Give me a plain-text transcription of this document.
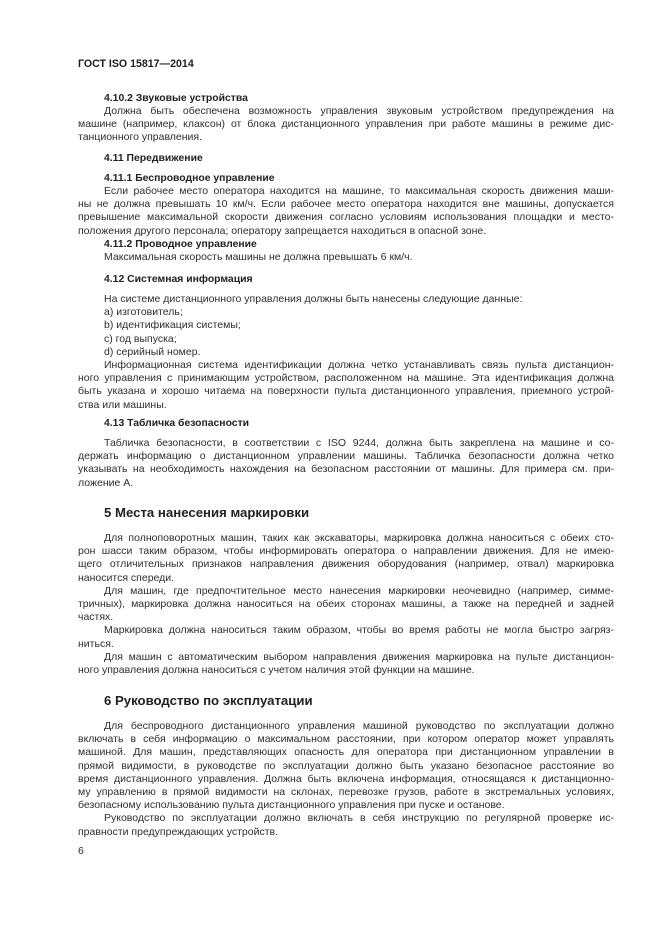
ГОСТ ISO 15817—2014
4.10.2 Звуковые устройства
Должна быть обеспечена возможность управления звуковым устройством предупреждения на
машине (например, клаксон) от блока дистанционного управления при работе машины в режиме дис-
танционного управления.
4.11 Передвижение
4.11.1 Беспроводное управление
Если рабочее место оператора находится на машине, то максимальная скорость движения маши-
ны не должна превышать 10 км/ч. Если рабочее место оператора находится вне машины, допускается
превышение максимальной скорости движения согласно условиям использования площадки и место-
положения другого персонала; оператору запрещается находиться в опасной зоне.
4.11.2 Проводное управление
Максимальная скорость машины не должна превышать 6 км/ч.
4.12 Системная информация
На системе дистанционного управления должны быть нанесены следующие данные:
a) изготовитель;
b) идентификация системы;
c) год выпуска;
d) серийный номер.
Информационная система идентификации должна четко устанавливать связь пульта дистанцион-
ного управления с принимающим устройством, расположенном на машине. Эта идентификация должна
быть указана и хорошо читаема на поверхности пульта дистанционного управления, приемного устрой-
ства или машины.
4.13 Табличка безопасности
Табличка безопасности, в соответствии с ISO 9244, должна быть закреплена на машине и со-
держать информацию о дистанционном управлении машины. Табличка безопасности должна четко
указывать на необходимость нахождения на безопасном расстоянии от машины. Для примера см. при-
ложение А.
5 Места нанесения маркировки
Для полноповоротных машин, таких как экскаваторы, маркировка должна наноситься с обеих сто-
рон шасси таким образом, чтобы информировать оператора о направлении движения. Для не имею-
щего отличительных признаков направления движения оборудования (например, отвал) маркировка
наносится спереди.
Для машин, где предпочтительное место нанесения маркировки неочевидно (например, симме-
тричных), маркировка должна наноситься на обеих сторонах машины, а также на передней и задней
частях.
Маркировка должна наноситься таким образом, чтобы во время работы не могла быстро загряз-
ниться.
Для машин с автоматическим выбором направления движения маркировка на пульте дистанцион-
ного управления должна наноситься с учетом наличия этой функции на машине.
6 Руководство по эксплуатации
Для беспроводного дистанционного управления машиной руководство по эксплуатации должно
включать в себя информацию о максимальном расстоянии, при котором оператор может управлять
машиной. Для машин, представляющих опасность для оператора при дистанционном управлении в
прямой видимости, в руководстве по эксплуатации должно быть указано безопасное расстояние во
время дистанционного управления. Должна быть включена информация, относящаяся к дистанционно-
му управлению в прямой видимости на склонах, перевозке грузов, работе в экстремальных условиях,
безопасному использованию пульта дистанционного управления при пуске и останове.
Руководство по эксплуатации должно включать в себя инструкцию по регулярной проверке ис-
правности предупреждающих устройств.
6
